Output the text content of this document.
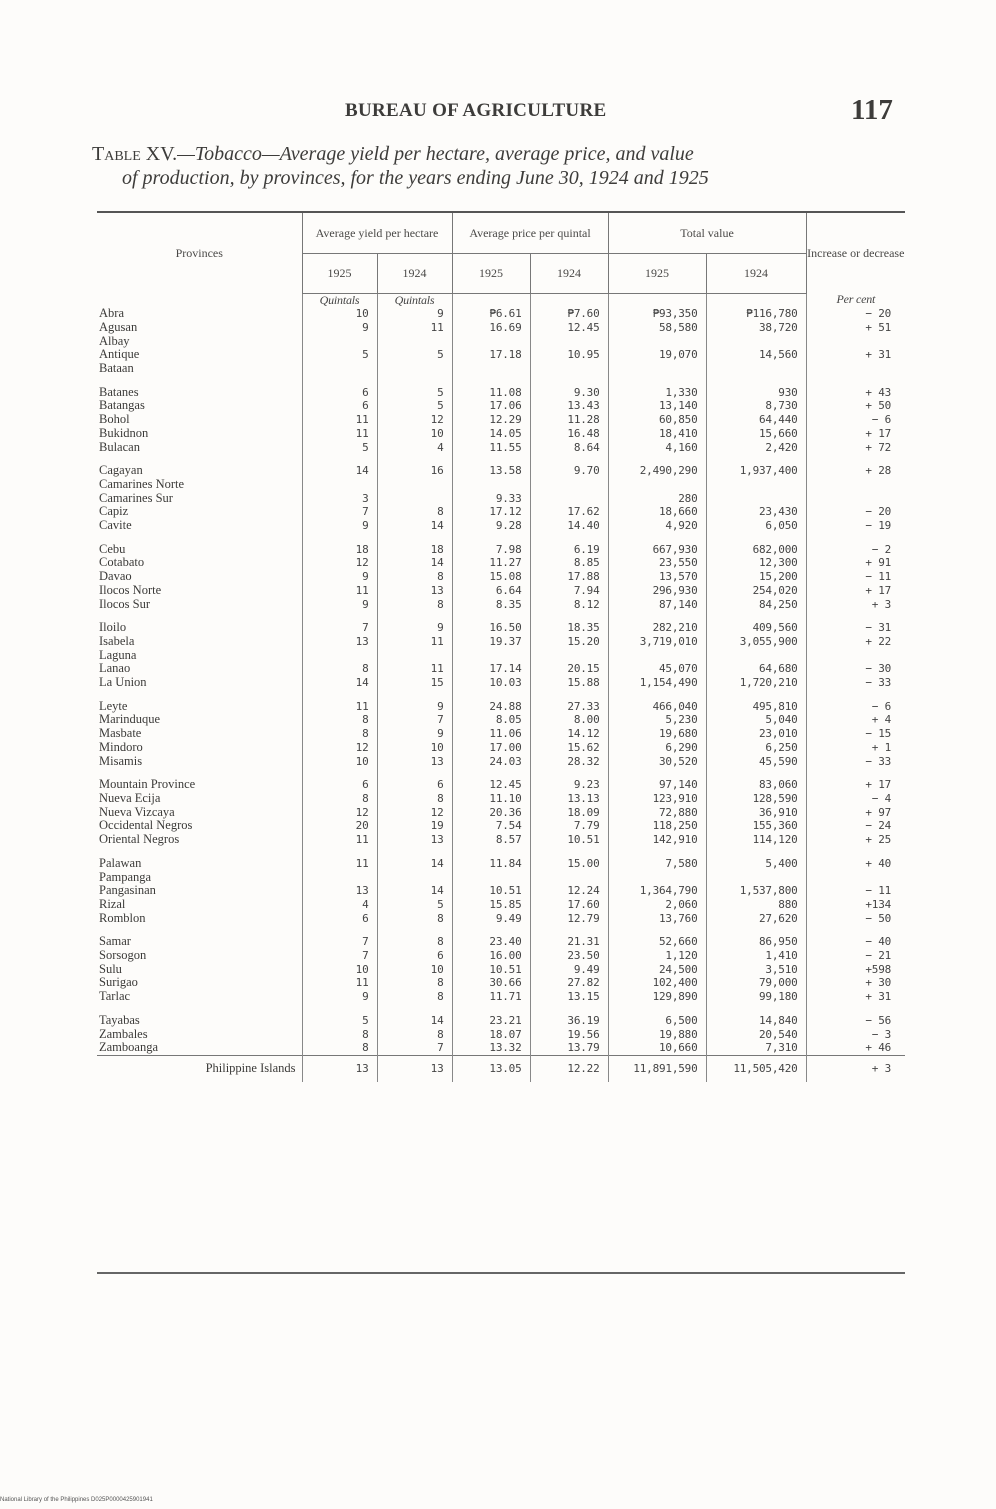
BUREAU OF AGRICULTURE	117
Table XV.—Tobacco—Average yield per hectare, average price, and value
of production, by provinces, for the years ending June 30, 1924 and 1925
Provinces	Average yield per hectare		Average price per quintal		Total value		Increase or decrease
	1925	1924	1925	1924	1925	1924	
	Quintals	Quintals					Per cent
Abra	10	9	₱6.61	₱7.60	₱93,350	₱116,780	− 20
Agusan	9	11	16.69	12.45	58,580	38,720	+ 51
Albay							
Antique	5	5	17.18	10.95	19,070	14,560	+ 31
Bataan							

Batanes	6	5	11.08	9.30	1,330	930	+ 43
Batangas	6	5	17.06	13.43	13,140	8,730	+ 50
Bohol	11	12	12.29	11.28	60,850	64,440	− 6
Bukidnon	11	10	14.05	16.48	18,410	15,660	+ 17
Bulacan	5	4	11.55	8.64	4,160	2,420	+ 72

Cagayan	14	16	13.58	9.70	2,490,290	1,937,400	+ 28
Camarines Norte							
Camarines Sur	3		9.33		280		
Capiz	7	8	17.12	17.62	18,660	23,430	− 20
Cavite	9	14	9.28	14.40	4,920	6,050	− 19

Cebu	18	18	7.98	6.19	667,930	682,000	− 2
Cotabato	12	14	11.27	8.85	23,550	12,300	+ 91
Davao	9	8	15.08	17.88	13,570	15,200	− 11
Ilocos Norte	11	13	6.64	7.94	296,930	254,020	+ 17
Ilocos Sur	9	8	8.35	8.12	87,140	84,250	+ 3

Iloilo	7	9	16.50	18.35	282,210	409,560	− 31
Isabela	13	11	19.37	15.20	3,719,010	3,055,900	+ 22
Laguna							
Lanao	8	11	17.14	20.15	45,070	64,680	− 30
La Union	14	15	10.03	15.88	1,154,490	1,720,210	− 33

Leyte	11	9	24.88	27.33	466,040	495,810	− 6
Marinduque	8	7	8.05	8.00	5,230	5,040	+ 4
Masbate	8	9	11.06	14.12	19,680	23,010	− 15
Mindoro	12	10	17.00	15.62	6,290	6,250	+ 1
Misamis	10	13	24.03	28.32	30,520	45,590	− 33

Mountain Province	6	6	12.45	9.23	97,140	83,060	+ 17
Nueva Ecija	8	8	11.10	13.13	123,910	128,590	− 4
Nueva Vizcaya	12	12	20.36	18.09	72,880	36,910	+ 97
Occidental Negros	20	19	7.54	7.79	118,250	155,360	− 24
Oriental Negros	11	13	8.57	10.51	142,910	114,120	+ 25

Palawan	11	14	11.84	15.00	7,580	5,400	+ 40
Pampanga							
Pangasinan	13	14	10.51	12.24	1,364,790	1,537,800	− 11
Rizal	4	5	15.85	17.60	2,060	880	+134
Romblon	6	8	9.49	12.79	13,760	27,620	− 50

Samar	7	8	23.40	21.31	52,660	86,950	− 40
Sorsogon	7	6	16.00	23.50	1,120	1,410	− 21
Sulu	10	10	10.51	9.49	24,500	3,510	+598
Surigao	11	8	30.66	27.82	102,400	79,000	+ 30
Tarlac	9	8	11.71	13.15	129,890	99,180	+ 31

Tayabas	5	14	23.21	36.19	6,500	14,840	− 56
Zambales	8	8	18.07	19.56	19,880	20,540	− 3
Zamboanga	8	7	13.32	13.79	10,660	7,310	+ 46
Philippine Islands	13	13	13.05	12.22	11,891,590	11,505,420	+ 3
National Library of the Philippines D025P0000425901941
